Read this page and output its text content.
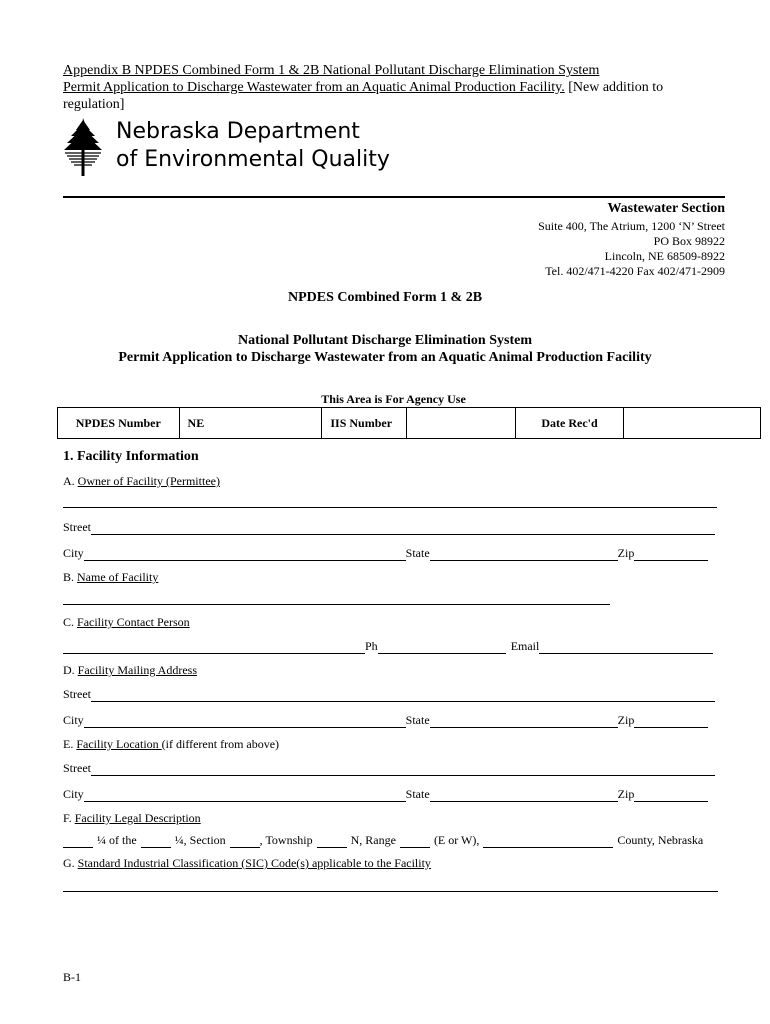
Appendix B NPDES Combined Form 1 & 2B National Pollutant Discharge Elimination System
Permit Application to Discharge Wastewater from an Aquatic Animal Production Facility. [New addition to
regulation]
Nebraska Department
of Environmental Quality
Wastewater Section
Suite 400, The Atrium, 1200 ‘N’ Street
PO Box 98922
Lincoln, NE 68509-8922
Tel. 402/471-4220 Fax 402/471-2909
NPDES Combined Form 1 & 2B
National Pollutant Discharge Elimination System
Permit Application to Discharge Wastewater from an Aquatic Animal Production Facility
This Area is For Agency Use
NPDES Number	NE	IIS Number		Date Rec'd	
1. Facility Information
A. Owner of Facility (Permittee)
Street
City	State	Zip
B. Name of Facility
C. Facility Contact Person
Ph	Email
D. Facility Mailing Address
Street
City	State	Zip
E. Facility Location (if different from above)
Street
City	State	Zip
F. Facility Legal Description
¼ of the	¼, Section	, Township	N, Range	(E or W),	County, Nebraska
G. Standard Industrial Classification (SIC) Code(s) applicable to the Facility
B-1
